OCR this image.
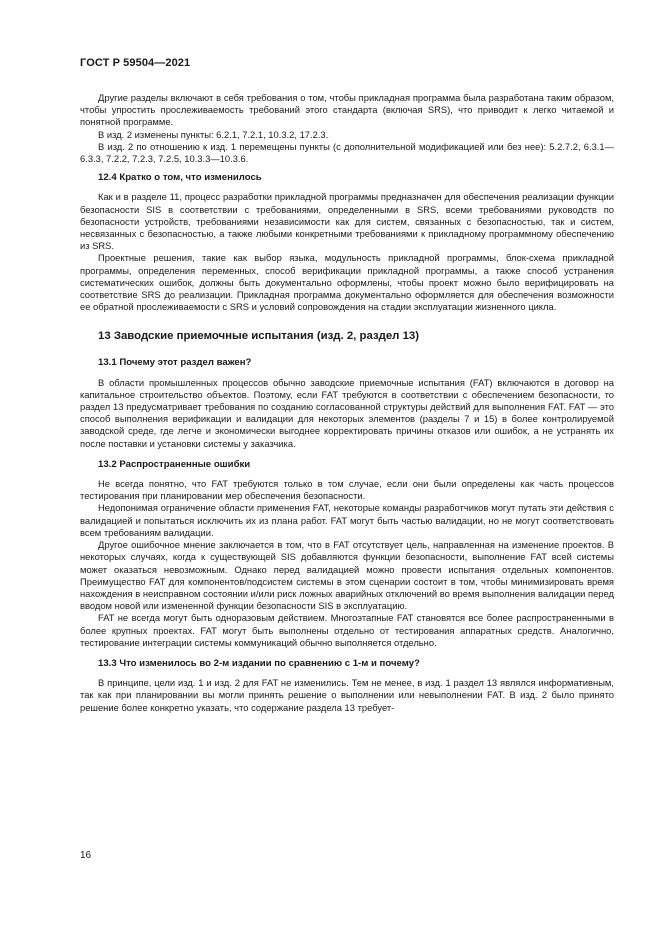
ГОСТ Р 59504—2021

Другие разделы включают в себя требования о том, чтобы прикладная программа была разработана таким образом, чтобы упростить прослеживаемость требований этого стандарта (включая SRS), что приводит к легко читаемой и понятной программе.

В изд. 2 изменены пункты: 6.2.1, 7.2.1, 10.3.2, 17.2.3.

В изд. 2 по отношению к изд. 1 перемещены пункты (с дополнительной модификацией или без нее): 5.2.7.2, 6.3.1—6.3.3, 7.2.2, 7.2.3, 7.2.5, 10.3.3—10.3.6.

12.4 Кратко о том, что изменилось

Как и в разделе 11, процесс разработки прикладной программы предназначен для обеспечения реализации функции безопасности SIS в соответствии с требованиями, определенными в SRS, всеми требованиями руководств по безопасности устройств, требованиями независимости как для систем, связанных с безопасностью, так и систем, несвязанных с безопасностью, а также любыми конкретными требованиями к прикладному программному обеспечению из SRS.

Проектные решения, такие как выбор языка, модульность прикладной программы, блок-схема прикладной программы, определения переменных, способ верификации прикладной программы, а также способ устранения систематических ошибок, должны быть документально оформлены, чтобы проект можно было верифицировать на соответствие SRS до реализации. Прикладная программа документально оформляется для обеспечения возможности ее обратной прослеживаемости с SRS и условий сопровождения на стадии эксплуатации жизненного цикла.

13 Заводские приемочные испытания (изд. 2, раздел 13)
13.1 Почему этот раздел важен?

В области промышленных процессов обычно заводские приемочные испытания (FAT) включаются в договор на капитальное строительство объектов. Поэтому, если FAT требуются в соответствии с обеспечением безопасности, то раздел 13 предусматривает требования по созданию согласованной структуры действий для выполнения FAT. FAT — это способ выполнения верификации и валидации для некоторых элементов (разделы 7 и 15) в более контролируемой заводской среде, где легче и экономически выгоднее корректировать причины отказов или ошибок, а не устранять их после поставки и установки системы у заказчика.

13.2 Распространенные ошибки

Не всегда понятно, что FAT требуются только в том случае, если они были определены как часть процессов тестирования при планировании мер обеспечения безопасности.

Недопонимая ограничение области применения FAT, некоторые команды разработчиков могут путать эти действия с валидацией и попытаться исключить их из плана работ. FAT могут быть частью валидации, но не могут соответствовать всем требованиям валидации.

Другое ошибочное мнение заключается в том, что в FAT отсутствует цель, направленная на изменение проектов. В некоторых случаях, когда к существующей SIS добавляются функции безопасности, выполнение FAT всей системы может оказаться невозможным. Однако перед валидацией можно провести испытания отдельных компонентов. Преимущество FAT для компонентов/подсистем системы в этом сценарии состоит в том, чтобы минимизировать время нахождения в неисправном состоянии и/или риск ложных аварийных отключений во время выполнения валидации перед вводом новой или измененной функции безопасности SIS в эксплуатацию.

FAT не всегда могут быть одноразовым действием. Многоэтапные FAT становятся все более распространенными в более крупных проектах. FAT могут быть выполнены отдельно от тестирования аппаратных средств. Аналогично, тестирование интеграции системы коммуникаций обычно выполняется отдельно.

13.3 Что изменилось во 2-м издании по сравнению с 1-м и почему?

В принципе, цели изд. 1 и изд. 2 для FAT не изменились. Тем не менее, в изд. 1 раздел 13 являлся информативным, так как при планировании вы могли принять решение о выполнении или невыполнении FAT. В изд. 2 было принято решение более конкретно указать, что содержание раздела 13 требует-

16
